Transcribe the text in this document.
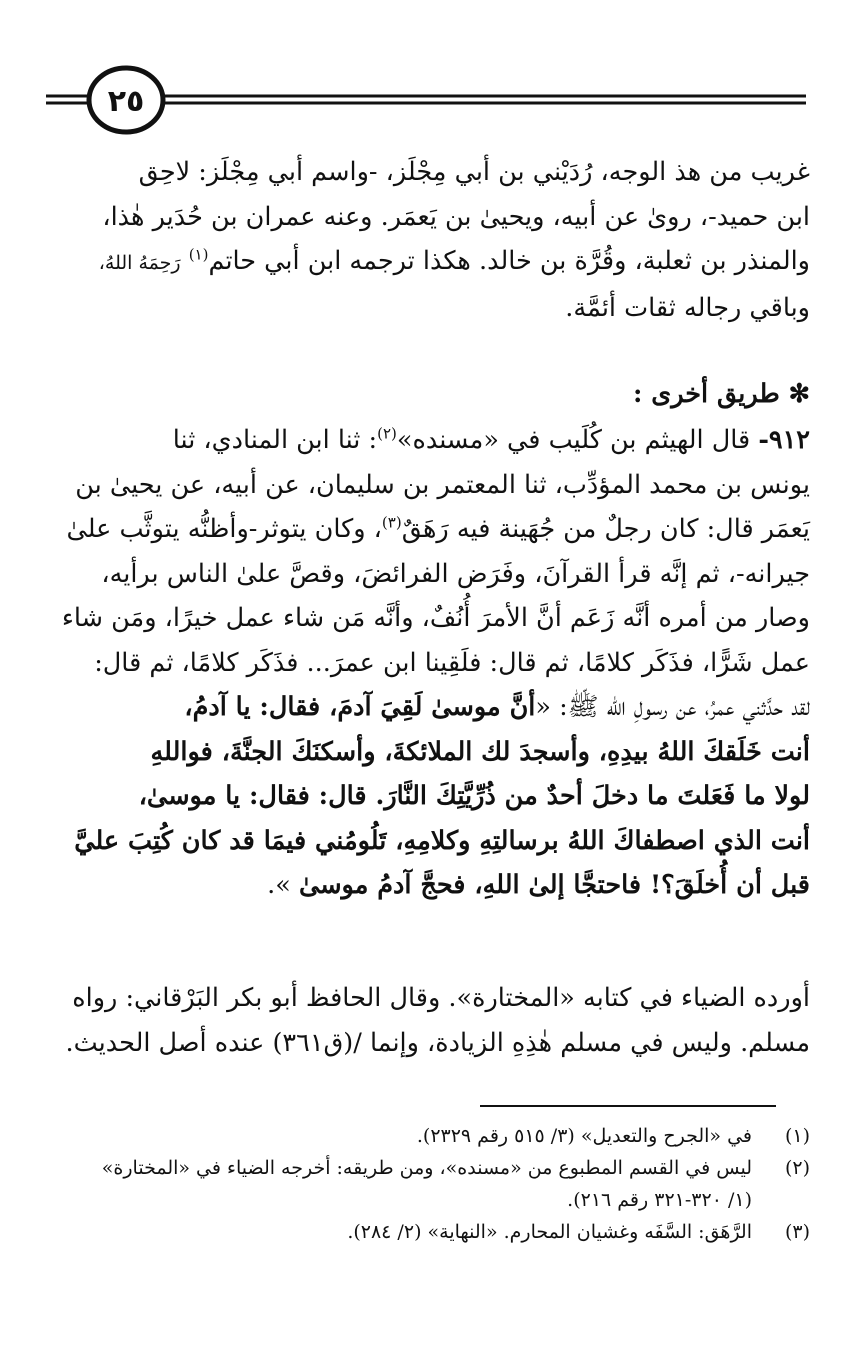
٢٥
غريب من هذ الوجه، رُدَيْني بن أبي مِجْلَز، -واسم أبي مِجْلَز: لاحِق
ابن حميد-، روىٰ عن أبيه، ويحيىٰ بن يَعمَر. وعنه عمران بن حُدَير هٰذا،
والمنذر بن ثعلبة، وقُرَّة بن خالد. هكذا ترجمه ابن أبي حاتم$^{(١)}$ رَحِمَهُ اللهُ،
وباقي رجاله ثقات أئمَّة.
✻ طريق أخرى :
٩١٢- قال الهيثم بن كُلَيب في «مسنده»$^{(٢)}$: ثنا ابن المنادي، ثنا
يونس بن محمد المؤدِّب، ثنا المعتمر بن سليمان، عن أبيه، عن يحيىٰ بن
يَعمَر قال: كان رجلٌ من جُهَينة فيه رَهَقٌ$^{(٣)}$، وكان يتوثر-وأظنُّه يتوثَّب علىٰ
جيرانه-، ثم إنَّه قرأ القرآنَ، وفَرَض الفرائضَ، وقصَّ علىٰ الناس برأيه،
وصار من أمره أنَّه زَعَم أنَّ الأمرَ أُنُفٌ، وأنَّه مَن شاء عمل خيرًا، ومَن شاء
عمل شَرًّا، فذَكَر كلامًا، ثم قال: فلَقِينا ابن عمرَ... فذَكَر كلامًا، ثم قال:
لقد حدَّثني عمرُ، عن رسولِ الله ﷺ: «أنَّ موسىٰ لَقِيَ آدمَ، فقال: يا آدمُ،
أنت خَلَقكَ اللهُ بيدِهِ، وأسجدَ لك الملائكةَ، وأسكنَكَ الجنَّةَ، فواللهِ
لولا ما فَعَلتَ ما دخلَ أحدٌ من ذُرِّيَّتِكَ النَّارَ. قال: فقال: يا موسىٰ،
أنت الذي اصطفاكَ اللهُ برسالتِهِ وكلامِهِ، تَلُومُني فيمَا قد كان كُتِبَ عليَّ
قبل أن أُخلَقَ؟! فاحتجَّا إلىٰ اللهِ، فحجَّ آدمُ موسىٰ ».
أورده الضياء في كتابه «المختارة». وقال الحافظ أبو بكر البَرْقاني: رواه
مسلم. وليس في مسلم هٰذِهِ الزيادة، وإنما /(ق٣٦١) عنده أصل الحديث.
(١)
في «الجرح والتعديل» (٣/ ٥١٥ رقم ٢٣٢٩).
(٢)
ليس في القسم المطبوع من «مسنده»، ومن طريقه: أخرجه الضياء في «المختارة»
(١/ ٣٢٠-٣٢١ رقم ٢١٦).
(٣)
الرَّهَق: السَّفَه وغشيان المحارم. «النهاية» (٢/ ٢٨٤).
